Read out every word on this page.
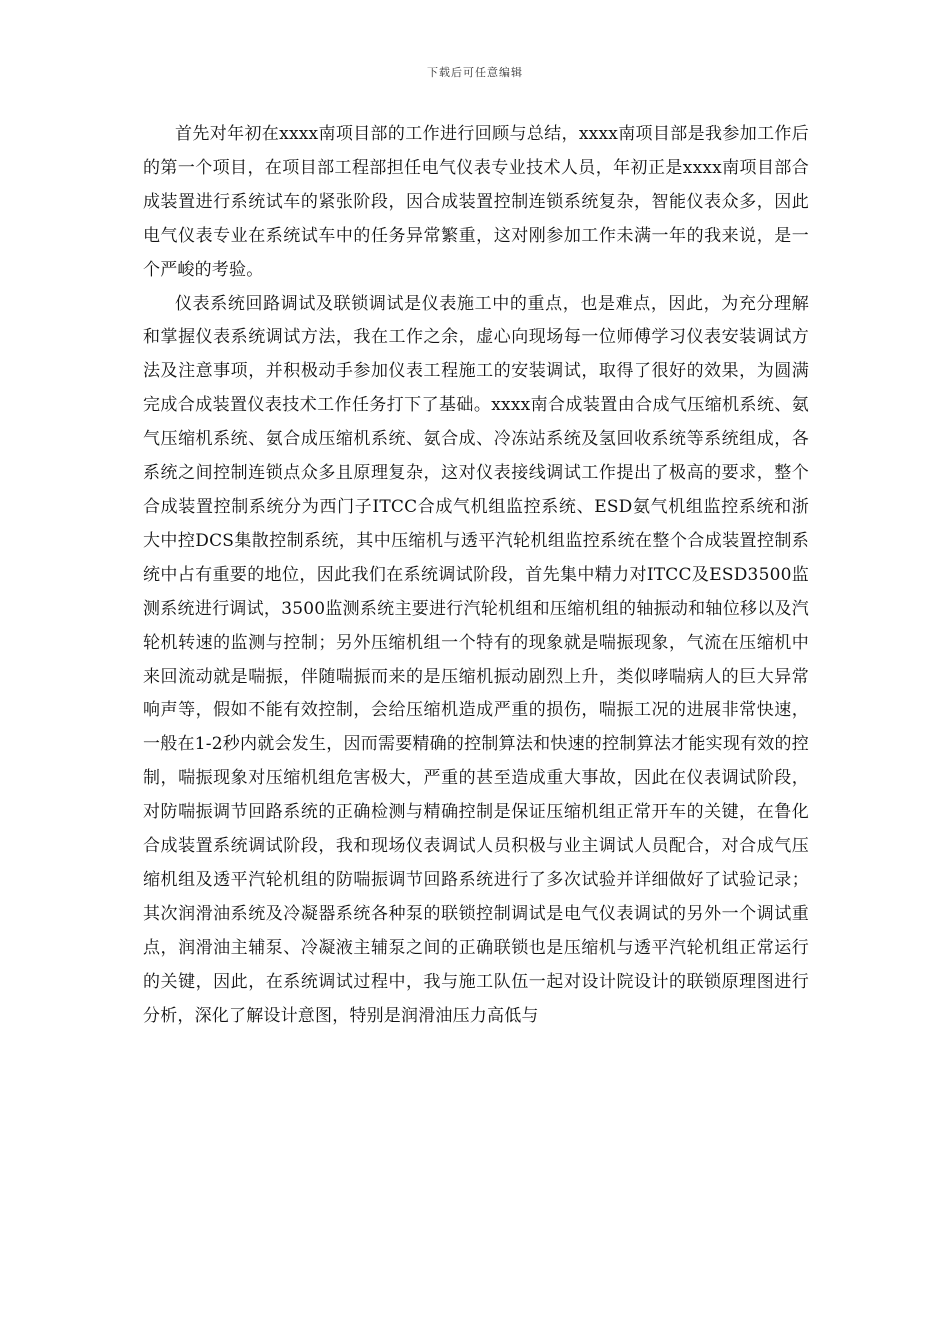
下载后可任意编辑

首先对年初在xxxx南项目部的工作进行回顾与总结，xxxx南项目部是我参加工作后的第一个项目，在项目部工程部担任电气仪表专业技术人员，年初正是xxxx南项目部合成装置进行系统试车的紧张阶段，因合成装置控制连锁系统复杂，智能仪表众多，因此电气仪表专业在系统试车中的任务异常繁重，这对刚参加工作未满一年的我来说，是一个严峻的考验。

仪表系统回路调试及联锁调试是仪表施工中的重点，也是难点，因此，为充分理解和掌握仪表系统调试方法，我在工作之余，虚心向现场每一位师傅学习仪表安装调试方法及注意事项，并积极动手参加仪表工程施工的安装调试，取得了很好的效果，为圆满完成合成装置仪表技术工作任务打下了基础。xxxx南合成装置由合成气压缩机系统、氨气压缩机系统、氨合成压缩机系统、氨合成、冷冻站系统及氢回收系统等系统组成，各系统之间控制连锁点众多且原理复杂，这对仪表接线调试工作提出了极高的要求，整个合成装置控制系统分为西门子ITCC合成气机组监控系统、ESD氨气机组监控系统和浙大中控DCS集散控制系统，其中压缩机与透平汽轮机组监控系统在整个合成装置控制系统中占有重要的地位，因此我们在系统调试阶段，首先集中精力对ITCC及ESD3500监测系统进行调试，3500监测系统主要进行汽轮机组和压缩机组的轴振动和轴位移以及汽轮机转速的监测与控制；另外压缩机组一个特有的现象就是喘振现象，气流在压缩机中来回流动就是喘振，伴随喘振而来的是压缩机振动剧烈上升，类似哮喘病人的巨大异常响声等，假如不能有效控制，会给压缩机造成严重的损伤，喘振工况的进展非常快速，一般在1-2秒内就会发生，因而需要精确的控制算法和快速的控制算法才能实现有效的控制，喘振现象对压缩机组危害极大，严重的甚至造成重大事故，因此在仪表调试阶段，对防喘振调节回路系统的正确检测与精确控制是保证压缩机组正常开车的关键，在鲁化合成装置系统调试阶段，我和现场仪表调试人员积极与业主调试人员配合，对合成气压缩机组及透平汽轮机组的防喘振调节回路系统进行了多次试验并详细做好了试验记录；其次润滑油系统及冷凝器系统各种泵的联锁控制调试是电气仪表调试的另外一个调试重点，润滑油主辅泵、冷凝液主辅泵之间的正确联锁也是压缩机与透平汽轮机组正常运行的关键，因此，在系统调试过程中，我与施工队伍一起对设计院设计的联锁原理图进行分析，深化了解设计意图，特别是润滑油压力高低与
